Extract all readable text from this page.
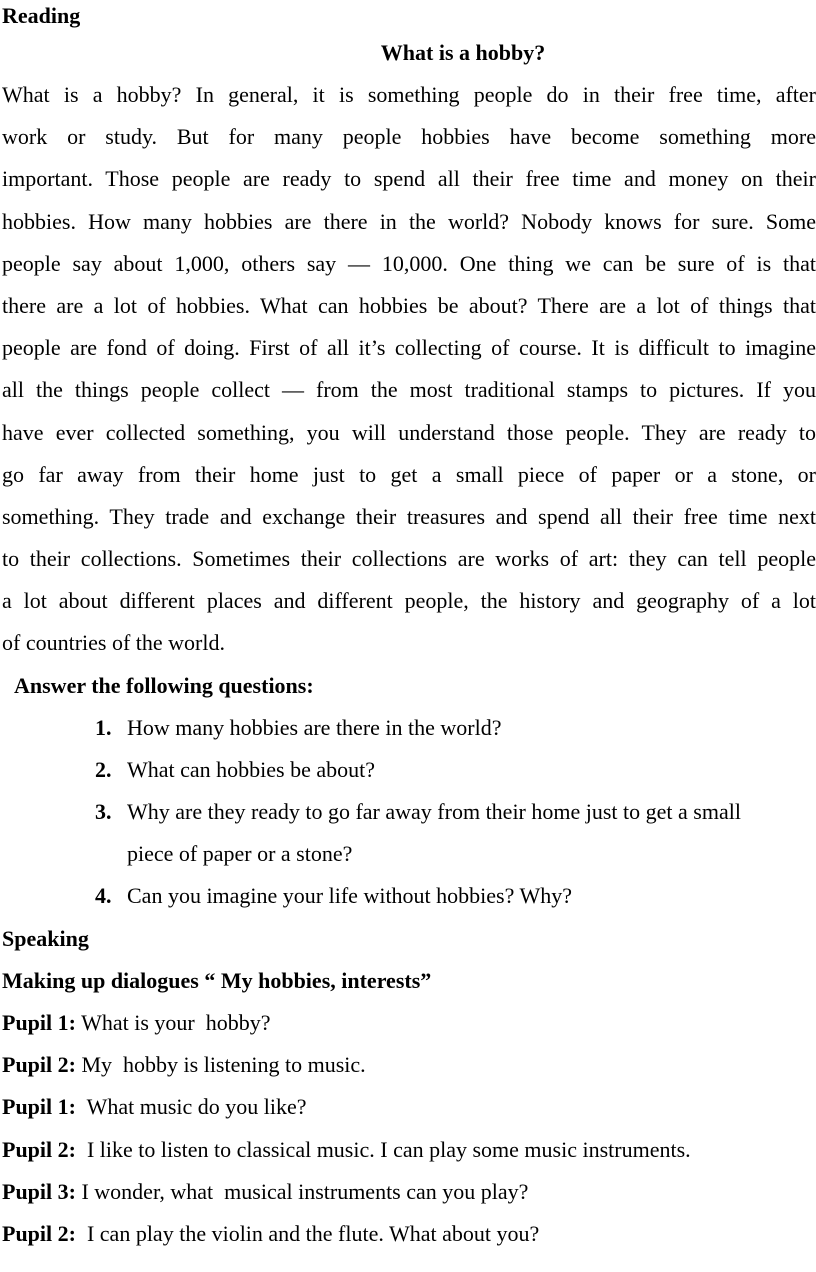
Reading
What is a hobby?
What is a hobby? In general, it is something people do in their free time, after
work or study. But for many people hobbies have become something more
important. Those people are ready to spend all their free time and money on their
hobbies. How many hobbies are there in the world? Nobody knows for sure. Some
people say about 1,000, others say — 10,000. One thing we can be sure of is that
there are a lot of hobbies. What can hobbies be about? There are a lot of things that
people are fond of doing. First of all it’s collecting of course. It is difficult to imagine
all the things people collect — from the most traditional stamps to pictures. If you
have ever collected something, you will understand those people. They are ready to
go far away from their home just to get a small piece of paper or a stone, or
something. They trade and exchange their treasures and spend all their free time next
to their collections. Sometimes their collections are works of art: they can tell people
a lot about different places and different people, the history and geography of a lot
of countries of the world.
Answer the following questions:
1. How many hobbies are there in the world?
2. What can hobbies be about?
3. Why are they ready to go far away from their home just to get a small
piece of paper or a stone?
4. Can you imagine your life without hobbies? Why?
Speaking
Making up dialogues “ My hobbies, interests”
Pupil 1: What is your  hobby?
Pupil 2: My  hobby is listening to music.
Pupil 1:  What music do you like?
Pupil 2:  I like to listen to classical music. I can play some music instruments.
Pupil 3: I wonder, what  musical instruments can you play?
Pupil 2:  I can play the violin and the flute. What about you?
